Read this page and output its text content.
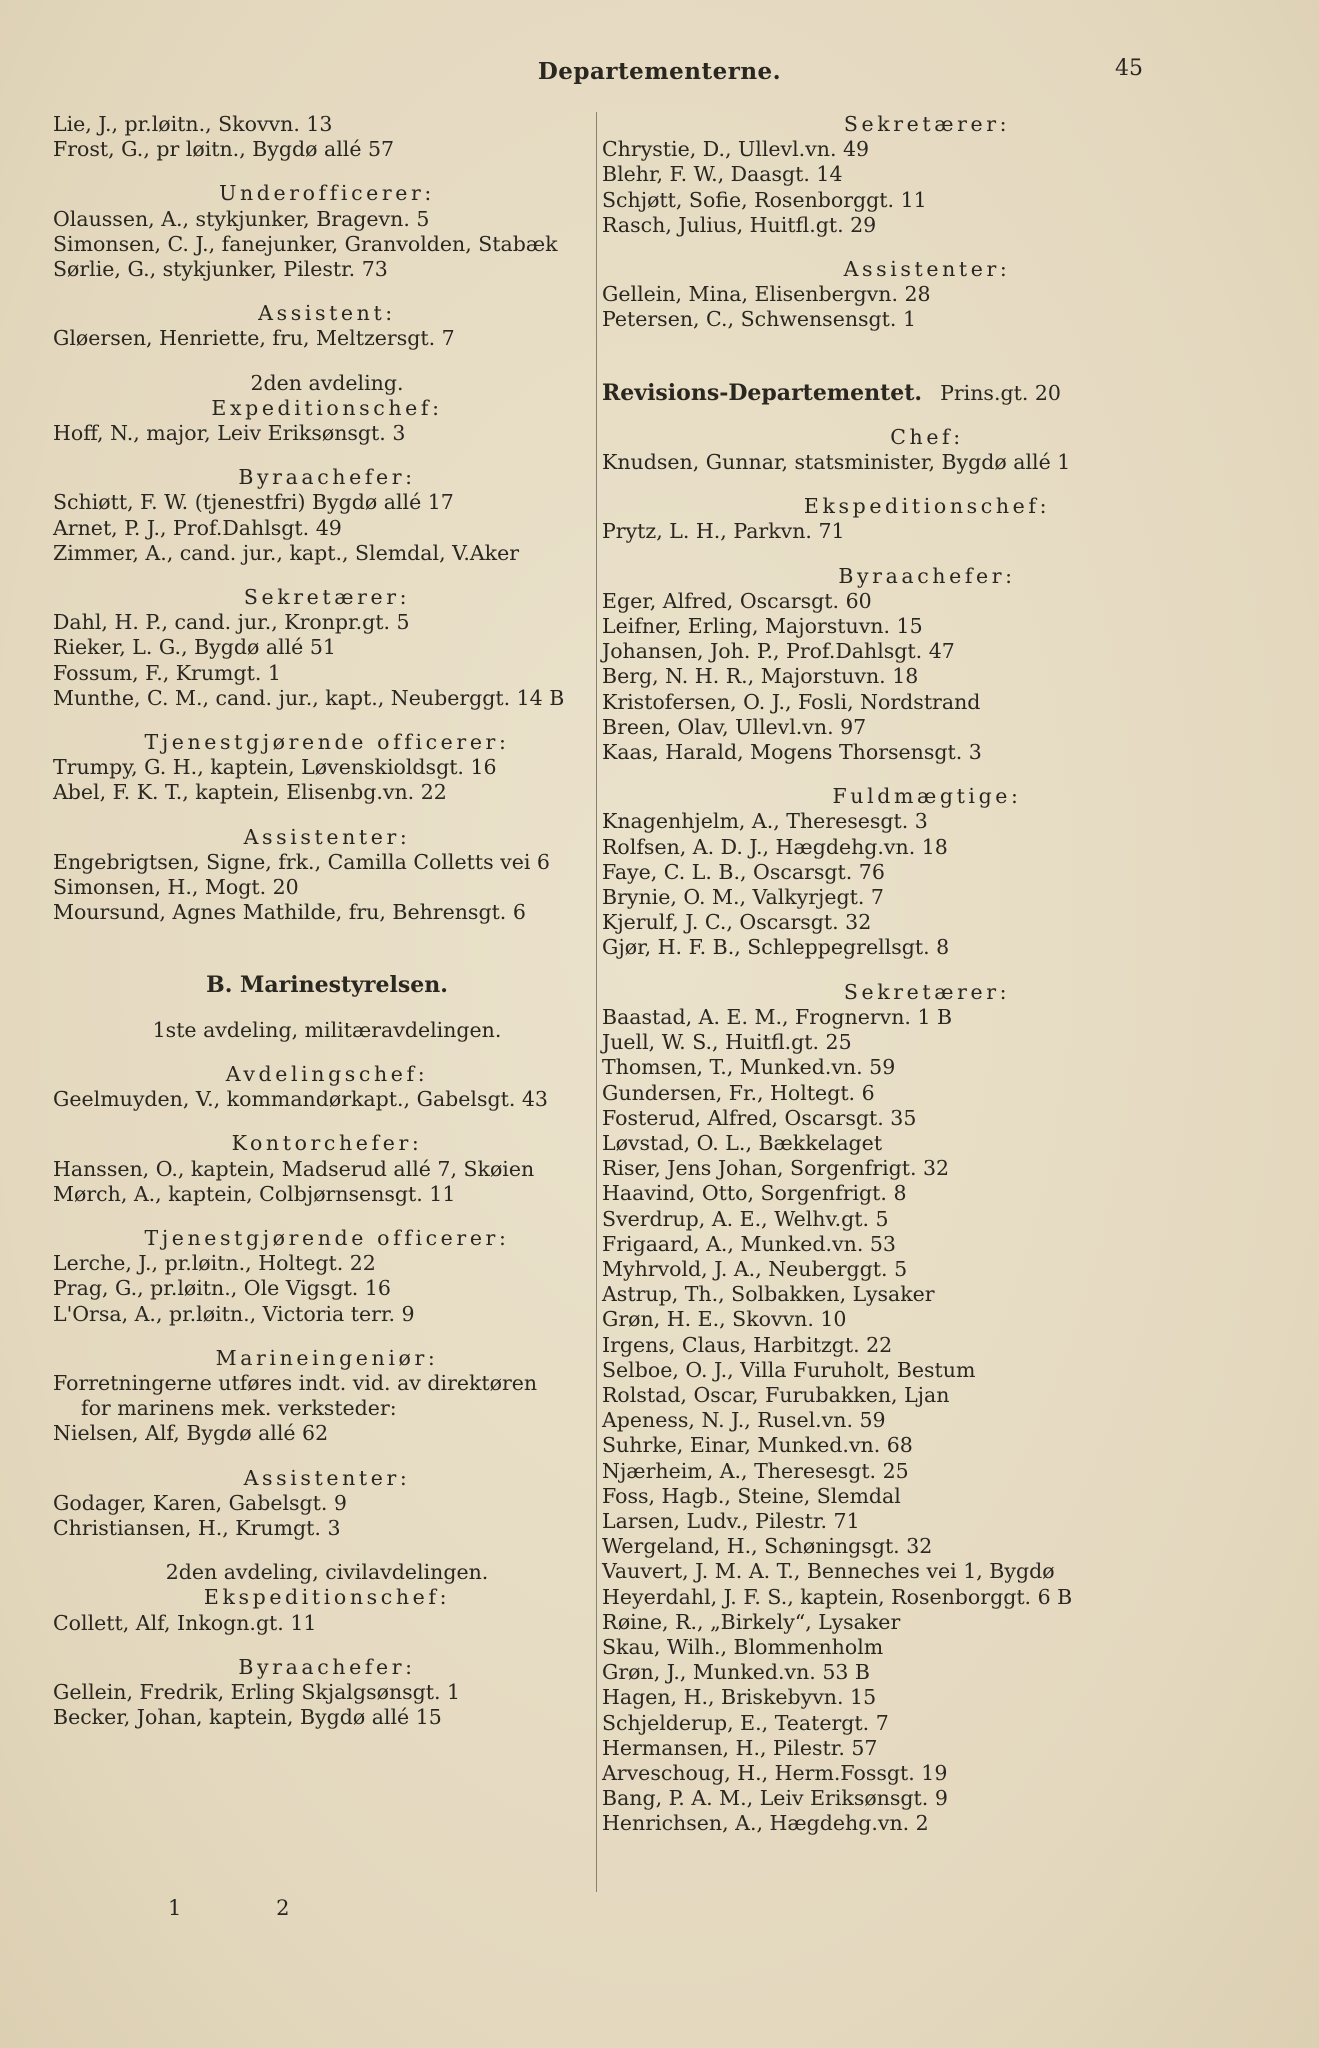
Departementerne.	45
Lie, J., pr.løitn., Skovvn. 13
Frost, G., pr løitn., Bygdø allé 57
Underofficerer:
Olaussen, A., stykjunker, Bragevn. 5
Simonsen, C. J., fanejunker, Granvolden, Stabæk
Sørlie, G., stykjunker, Pilestr. 73
Assistent:
Gløersen, Henriette, fru, Meltzersgt. 7
2den avdeling.
Expeditionschef:
Hoff, N., major, Leiv Eriksønsgt. 3
Byraachefer:
Schiøtt, F. W. (tjenestfri) Bygdø allé 17
Arnet, P. J., Prof.Dahlsgt. 49
Zimmer, A., cand. jur., kapt., Slemdal, V.Aker
Sekretærer:
Dahl, H. P., cand. jur., Kronpr.gt. 5
Rieker, L. G., Bygdø allé 51
Fossum, F., Krumgt. 1
Munthe, C. M., cand. jur., kapt., Neuberggt. 14 B
Tjenestgjørende officerer:
Trumpy, G. H., kaptein, Løvenskioldsgt. 16
Abel, F. K. T., kaptein, Elisenbg.vn. 22
Assistenter:
Engebrigtsen, Signe, frk., Camilla Colletts vei 6
Simonsen, H., Mogt. 20
Moursund, Agnes Mathilde, fru, Behrensgt. 6
B. Marinestyrelsen.
1ste avdeling, militæravdelingen.
Avdelingschef:
Geelmuyden, V., kommandørkapt., Gabelsgt. 43
Kontorchefer:
Hanssen, O., kaptein, Madserud allé 7, Skøien
Mørch, A., kaptein, Colbjørnsensgt. 11
Tjenestgjørende officerer:
Lerche, J., pr.løitn., Holtegt. 22
Prag, G., pr.løitn., Ole Vigsgt. 16
L'Orsa, A., pr.løitn., Victoria terr. 9
Marineingeniør:
Forretningerne utføres indt. vid. av direktøren
for marinens mek. verksteder:
Nielsen, Alf, Bygdø allé 62
Assistenter:
Godager, Karen, Gabelsgt. 9
Christiansen, H., Krumgt. 3
2den avdeling, civilavdelingen.
Ekspeditionschef:
Collett, Alf, Inkogn.gt. 11
Byraachefer:
Gellein, Fredrik, Erling Skjalgsønsgt. 1
Becker, Johan, kaptein, Bygdø allé 15
Sekretærer:
Chrystie, D., Ullevl.vn. 49
Blehr, F. W., Daasgt. 14
Schjøtt, Sofie, Rosenborggt. 11
Rasch, Julius, Huitfl.gt. 29
Assistenter:
Gellein, Mina, Elisenbergvn. 28
Petersen, C., Schwensensgt. 1
Revisions-Departementet. Prins.gt. 20
Chef:
Knudsen, Gunnar, statsminister, Bygdø allé 1
Ekspeditionschef:
Prytz, L. H., Parkvn. 71
Byraachefer:
Eger, Alfred, Oscarsgt. 60
Leifner, Erling, Majorstuvn. 15
Johansen, Joh. P., Prof.Dahlsgt. 47
Berg, N. H. R., Majorstuvn. 18
Kristofersen, O. J., Fosli, Nordstrand
Breen, Olav, Ullevl.vn. 97
Kaas, Harald, Mogens Thorsensgt. 3
Fuldmægtige:
Knagenhjelm, A., Theresesgt. 3
Rolfsen, A. D. J., Hægdehg.vn. 18
Faye, C. L. B., Oscarsgt. 76
Brynie, O. M., Valkyrjegt. 7
Kjerulf, J. C., Oscarsgt. 32
Gjør, H. F. B., Schleppegrellsgt. 8
Sekretærer:
Baastad, A. E. M., Frognervn. 1 B
Juell, W. S., Huitfl.gt. 25
Thomsen, T., Munked.vn. 59
Gundersen, Fr., Holtegt. 6
Fosterud, Alfred, Oscarsgt. 35
Løvstad, O. L., Bækkelaget
Riser, Jens Johan, Sorgenfrigt. 32
Haavind, Otto, Sorgenfrigt. 8
Sverdrup, A. E., Welhv.gt. 5
Frigaard, A., Munked.vn. 53
Myhrvold, J. A., Neuberggt. 5
Astrup, Th., Solbakken, Lysaker
Grøn, H. E., Skovvn. 10
Irgens, Claus, Harbitzgt. 22
Selboe, O. J., Villa Furuholt, Bestum
Rolstad, Oscar, Furubakken, Ljan
Apeness, N. J., Rusel.vn. 59
Suhrke, Einar, Munked.vn. 68
Njærheim, A., Theresesgt. 25
Foss, Hagb., Steine, Slemdal
Larsen, Ludv., Pilestr. 71
Wergeland, H., Schøningsgt. 32
Vauvert, J. M. A. T., Benneches vei 1, Bygdø
Heyerdahl, J. F. S., kaptein, Rosenborggt. 6 B
Røine, R., „Birkely“, Lysaker
Skau, Wilh., Blommenholm
Grøn, J., Munked.vn. 53 B
Hagen, H., Briskebyvn. 15
Schjelderup, E., Teatergt. 7
Hermansen, H., Pilestr. 57
Arveschoug, H., Herm.Fossgt. 19
Bang, P. A. M., Leiv Eriksønsgt. 9
Henrichsen, A., Hægdehg.vn. 2
1	2
